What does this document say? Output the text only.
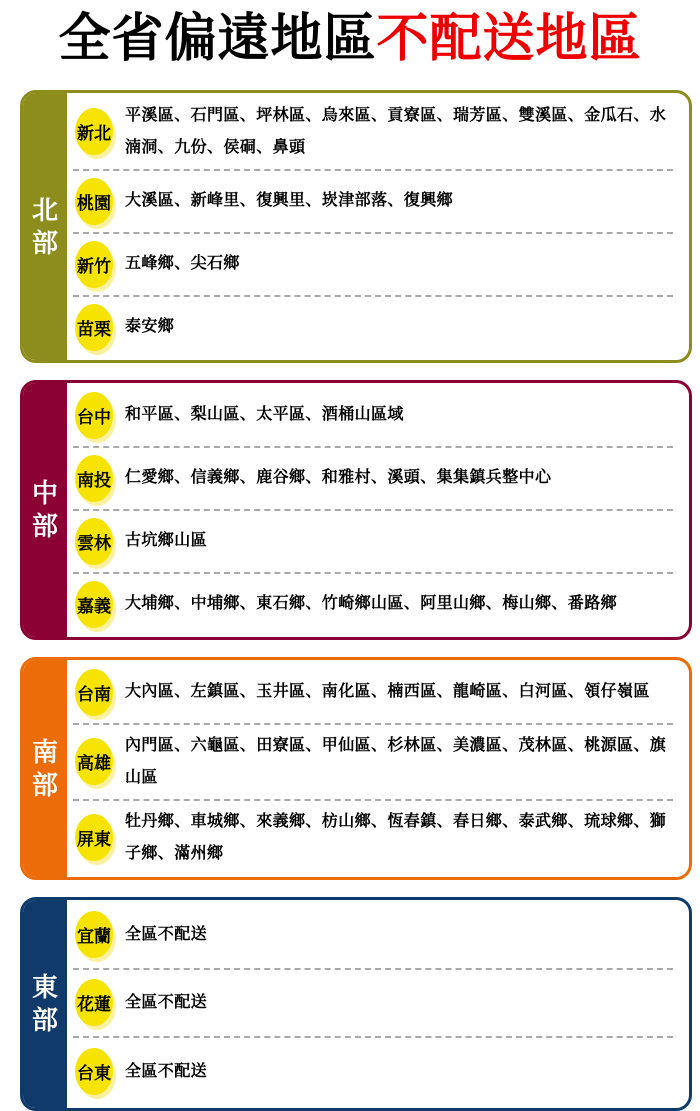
全省偏遠地區不配送地區
北
部
新北
平溪區、石門區、坪林區、烏來區、貢寮區、瑞芳區、雙溪區、金瓜石、水湳洞、九份、侯硐、鼻頭
桃園 大溪區、新峰里、復興里、崁津部落、復興鄉
新竹 五峰鄉、尖石鄉
苗栗 泰安鄉
中
部
台中 和平區、梨山區、太平區、酒桶山區域
南投 仁愛鄉、信義鄉、鹿谷鄉、和雅村、溪頭、集集鎮兵整中心
雲林 古坑鄉山區
嘉義 大埔鄉、中埔鄉、東石鄉、竹崎鄉山區、阿里山鄉、梅山鄉、番路鄉
南
部
台南 大內區、左鎮區、玉井區、南化區、楠西區、龍崎區、白河區、領仔嶺區
高雄
內門區、六龜區、田寮區、甲仙區、杉林區、美濃區、茂林區、桃源區、旗山區
屏東
牡丹鄉、車城鄉、來義鄉、枋山鄉、恆春鎮、春日鄉、泰武鄉、琉球鄉、獅子鄉、滿州鄉
東
部
宜蘭 全區不配送
花蓮 全區不配送
台東 全區不配送
